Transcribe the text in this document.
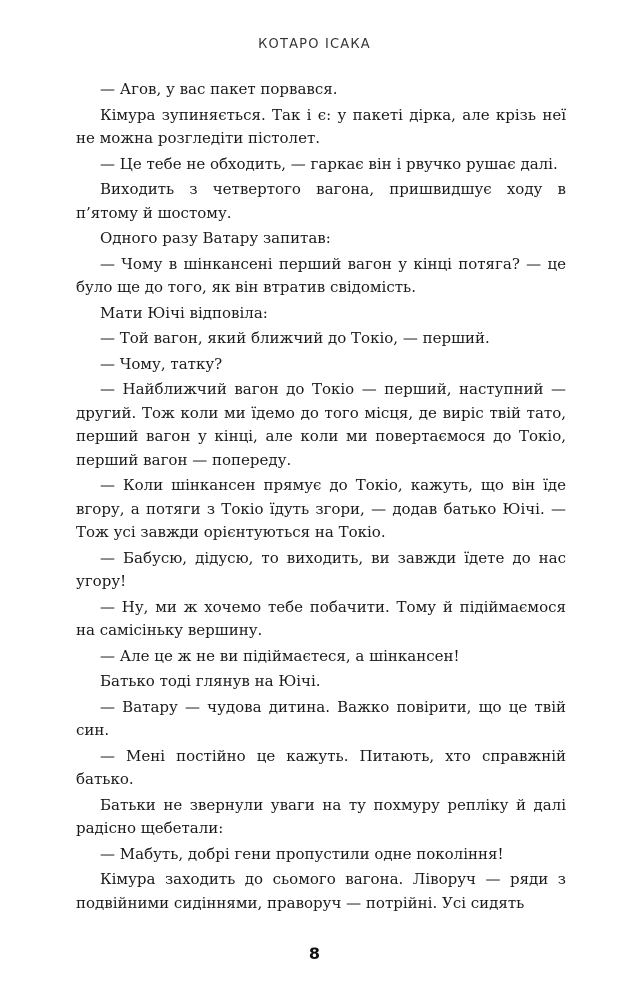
КОТАРО ІСАКА

— Агов, у вас пакет порвався.

Кімура зупиняється. Так і є: у пакеті дірка, але крізь неї не можна розгледіти пістолет.

— Це тебе не обходить, — гаркає він і рвучко рушає далі.

Виходить з четвертого вагона, пришвидшує ходу в п’ятому й шостому.

Одного разу Ватару запитав:

— Чому в шінкансені перший вагон у кінці потяга? — це було ще до того, як він втратив свідомість.

Мати Юічі відповіла:

— Той вагон, який ближчий до Токіо, — перший.

— Чому, татку?

— Найближчий вагон до Токіо — перший, наступний — другий. Тож коли ми їдемо до того місця, де виріс твій тато, перший вагон у кінці, але коли ми повертаємося до Токіо, перший вагон — попереду.

— Коли шінкансен прямує до Токіо, кажуть, що він їде вгору, а потяги з Токіо їдуть згори, — додав батько Юічі. — Тож усі завжди орієнтуються на Токіо.

— Бабусю, дідусю, то виходить, ви завжди їдете до нас угору!

— Ну, ми ж хочемо тебе побачити. Тому й підіймаємося на самісіньку вершину.

— Але це ж не ви підіймаєтеся, а шінкансен!

Батько тоді глянув на Юічі.

— Ватару — чудова дитина. Важко повірити, що це твій син.

— Мені постійно це кажуть. Питають, хто справжній батько.

Батьки не звернули уваги на ту похмуру репліку й далі радісно щебетали:

— Мабуть, добрі гени пропустили одне покоління!

Кімура заходить до сьомого вагона. Ліворуч — ряди з подвійними сидіннями, праворуч — потрійні. Усі сидять

8
